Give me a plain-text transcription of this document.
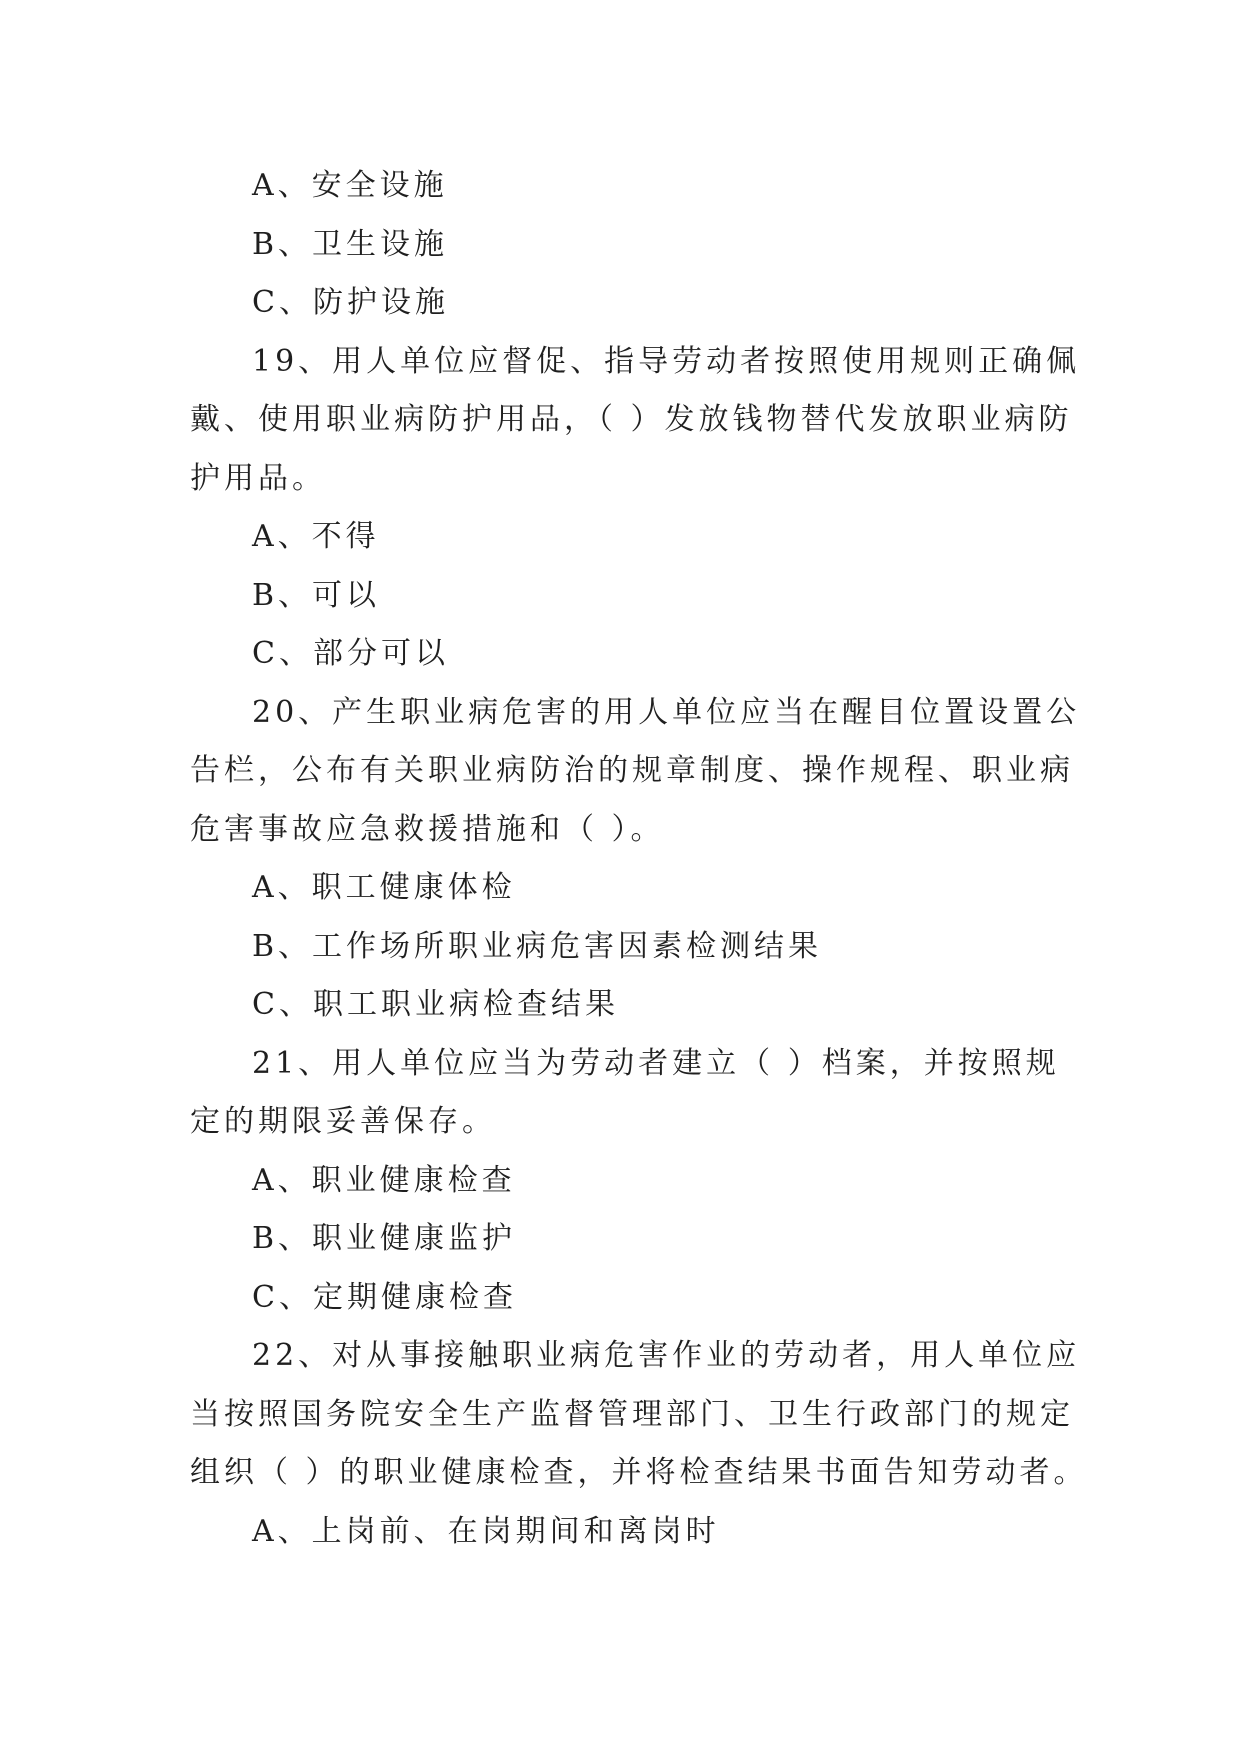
A、安全设施
B、卫生设施
C、防护设施
19、用人单位应督促、指导劳动者按照使用规则正确佩
戴、使用职业病防护用品，（ ）发放钱物替代发放职业病防
护用品。
A、不得
B、可以
C、部分可以
20、产生职业病危害的用人单位应当在醒目位置设置公
告栏，公布有关职业病防治的规章制度、操作规程、职业病
危害事故应急救援措施和（ ）。
A、职工健康体检
B、工作场所职业病危害因素检测结果
C、职工职业病检查结果
21、用人单位应当为劳动者建立（ ）档案，并按照规
定的期限妥善保存。
A、职业健康检查
B、职业健康监护
C、定期健康检查
22、对从事接触职业病危害作业的劳动者，用人单位应
当按照国务院安全生产监督管理部门、卫生行政部门的规定
组织（ ）的职业健康检查，并将检查结果书面告知劳动者。
A、上岗前、在岗期间和离岗时
